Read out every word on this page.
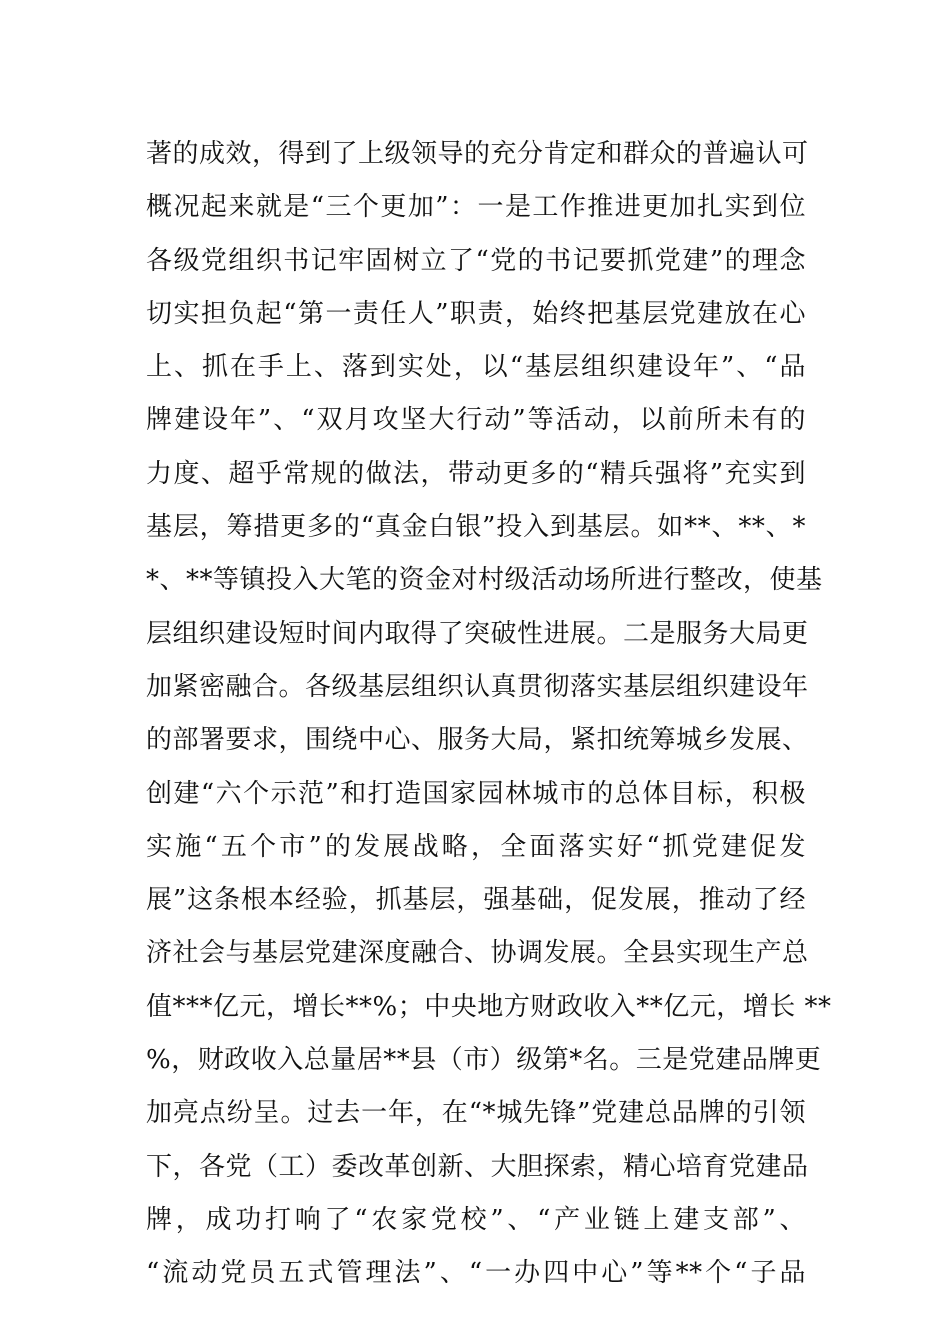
著的成效，得到了上级领导的充分肯定和群众的普遍认可
概况起来就是“三个更加”：一是工作推进更加扎实到位
各级党组织书记牢固树立了“党的书记要抓党建”的理念
切实担负起“第一责任人”职责，始终把基层党建放在心
上、抓在手上、落到实处，以“基层组织建设年”、“品
牌建设年”、“双月攻坚大行动”等活动，以前所未有的
力度、超乎常规的做法，带动更多的“精兵强将”充实到
基层，筹措更多的“真金白银”投入到基层。如**、**、*
*、**等镇投入大笔的资金对村级活动场所进行整改，使基
层组织建设短时间内取得了突破性进展。二是服务大局更
加紧密融合。各级基层组织认真贯彻落实基层组织建设年
的部署要求，围绕中心、服务大局，紧扣统筹城乡发展、
创建“六个示范”和打造国家园林城市的总体目标，积极
实施“五个市”的发展战略，全面落实好“抓党建促发
展”这条根本经验，抓基层，强基础，促发展，推动了经
济社会与基层党建深度融合、协调发展。全县实现生产总
值***亿元，增长**%；中央地方财政收入**亿元，增长 **
%，财政收入总量居**县（市）级第*名。三是党建品牌更
加亮点纷呈。过去一年，在“*城先锋”党建总品牌的引领
下，各党（工）委改革创新、大胆探索，精心培育党建品
牌，成功打响了“农家党校”、“产业链上建支部”、
“流动党员五式管理法”、“一办四中心”等**个“子品
